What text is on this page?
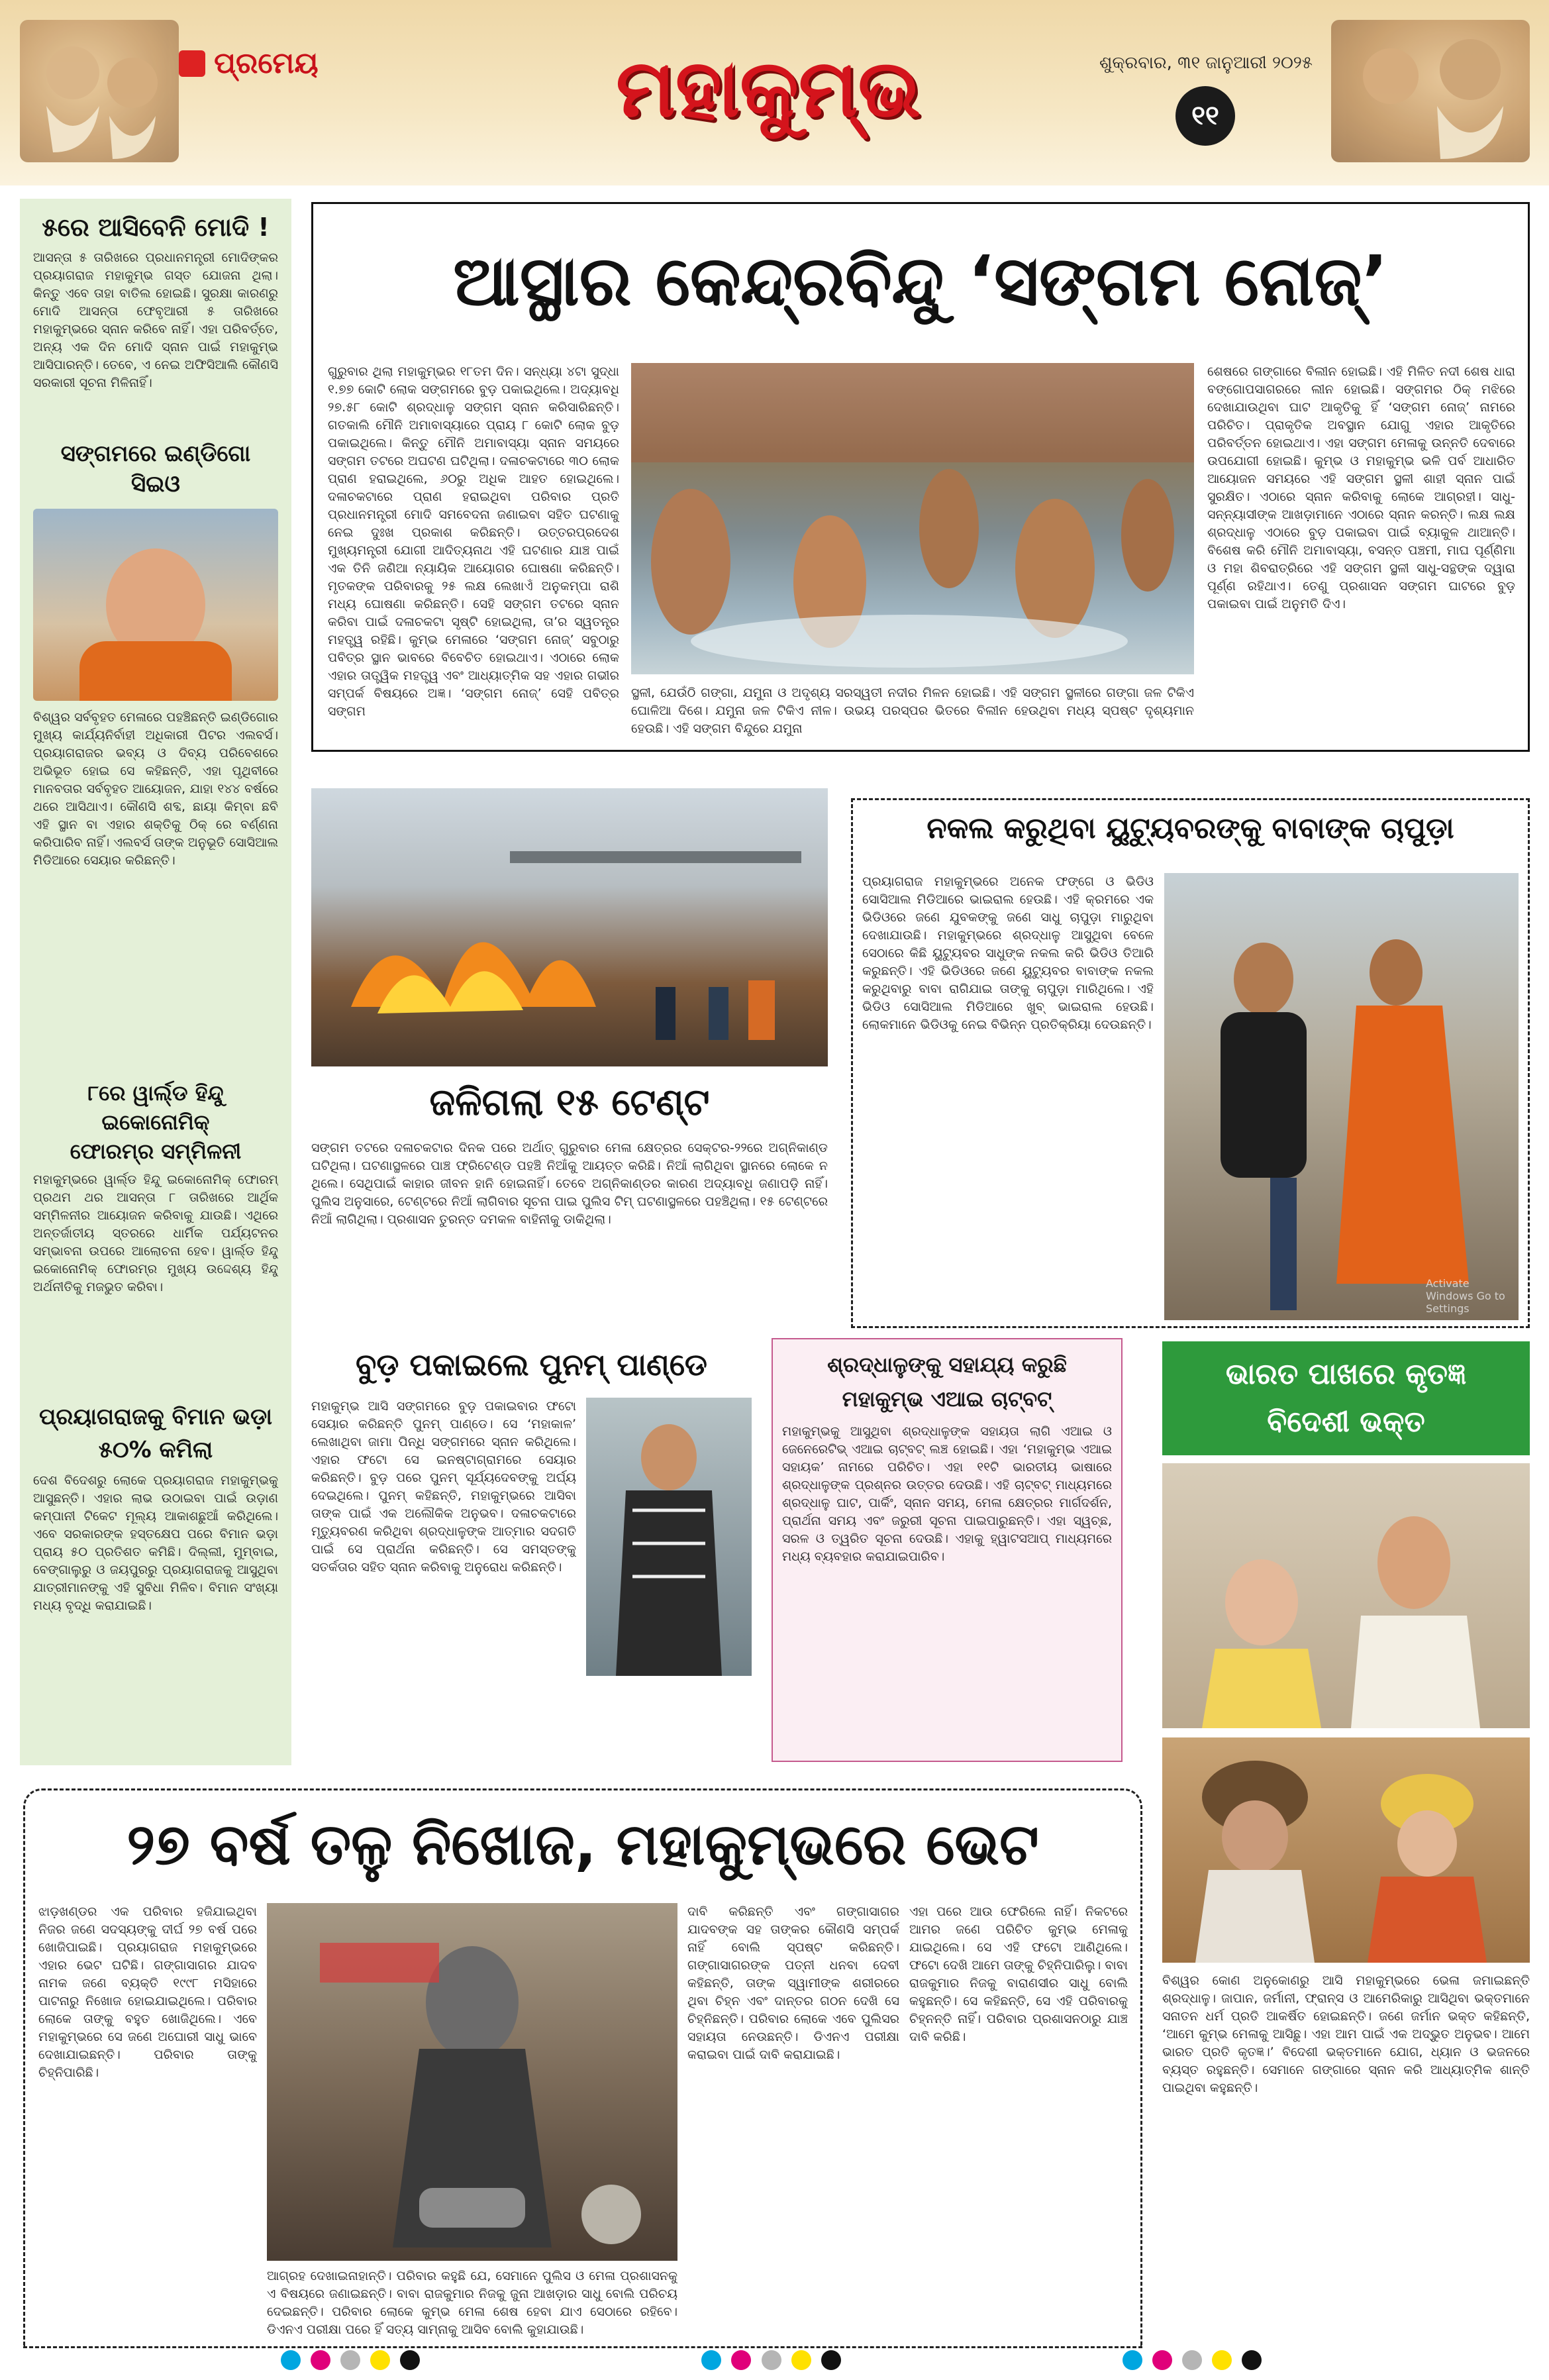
ପ୍ରମେୟ	ମହାକୁମ୍ଭ	ଶୁକ୍ରବାର, ୩୧ ଜାନୁଆରୀ ୨୦୨୫
୧୧
୫ରେ ଆସିବେନି ମୋଦି !
ଆସନ୍ତା ୫ ତାରିଖରେ ପ୍ରଧାନମନ୍ତ୍ରୀ ମୋଦିଙ୍କର ପ୍ରୟାଗରାଜ ମହାକୁମ୍ଭ ଗସ୍ତ ଯୋଜନା ଥିଲା। କିନ୍ତୁ ଏବେ ତାହା ବାତିଲ ହୋଇଛି। ସୁରକ୍ଷା କାରଣରୁ ମୋଦି ଆସନ୍ତା ଫେବୃଆରୀ ୫ ତାରିଖରେ ମହାକୁମ୍ଭରେ ସ୍ନାନ କରିବେ ନାହିଁ। ଏହା ପରିବର୍ତ୍ତେ, ଅନ୍ୟ ଏକ ଦିନ ମୋଦି ସ୍ନାନ ପାଇଁ ମହାକୁମ୍ଭ ଆସିପାରନ୍ତି। ତେବେ, ଏ ନେଇ ଅଫିସିଆଲି କୌଣସି ସରକାରୀ ସୂଚନା ମିଳିନାହିଁ।
ସଙ୍ଗମରେ ଇଣ୍ଡିଗୋ ସିଇଓ
ବିଶ୍ୱର ସର୍ବବୃହତ ମେଳାରେ ପହଞ୍ଚିଛନ୍ତି ଇଣ୍ଡିଗୋର ମୁଖ୍ୟ କାର୍ଯ୍ୟନିର୍ବାହୀ ଅଧିକାରୀ ପିଟର ଏଲବର୍ସ। ପ୍ରୟାଗରାଜର ଭବ୍ୟ ଓ ଦିବ୍ୟ ପରିବେଶରେ ଅଭିଭୂତ ହୋଇ ସେ କହିଛନ୍ତି, ଏହା ପୃଥିବୀରେ ମାନବତାର ସର୍ବବୃହତ ଆୟୋଜନ, ଯାହା ୧୪୪ ବର୍ଷରେ ଥରେ ଆସିଥାଏ। କୌଣସି ଶବ୍ଦ, ଛାୟା କିମ୍ବା ଛବି ଏହି ସ୍ଥାନ ବା ଏହାର ଶକ୍ତିକୁ ଠିକ୍ ରେ ବର୍ଣ୍ଣନା କରିପାରିବ ନାହିଁ। ଏଲବର୍ସ ତାଙ୍କ ଅନୁଭୂତି ସୋସିଆଲ ମିଡିଆରେ ସେୟାର କରିଛନ୍ତି।
୮ରେ ୱାର୍ଲ୍ଡ ହିନ୍ଦୁ ଇକୋନୋମିକ୍
ଫୋରମ୍‌ର ସମ୍ମିଳନୀ
ମହାକୁମ୍ଭରେ ୱାର୍ଲ୍ଡ ହିନ୍ଦୁ ଇକୋନୋମିକ୍ ଫୋରମ୍ ପ୍ରଥମ ଥର ଆସନ୍ତା ୮ ତାରିଖରେ ଆର୍ଥିକ ସମ୍ମିଳନୀର ଆୟୋଜନ କରିବାକୁ ଯାଉଛି। ଏଥିରେ ଅନ୍ତର୍ଜାତୀୟ ସ୍ତରରେ ଧାର୍ମିକ ପର୍ଯ୍ୟଟନର ସମ୍ଭାବନା ଉପରେ ଆଲୋଚନା ହେବ। ୱାର୍ଲ୍ଡ ହିନ୍ଦୁ ଇକୋନୋମିକ୍ ଫୋରମ୍‌ର ମୁଖ୍ୟ ଉଦ୍ଦେଶ୍ୟ ହିନ୍ଦୁ ଅର୍ଥନୀତିକୁ ମଜଭୁତ କରିବା।
ପ୍ରୟାଗରାଜକୁ ବିମାନ ଭଡ଼ା
୫୦% କମିଲା
ଦେଶ ବିଦେଶରୁ ଲୋକେ ପ୍ରୟାଗରାଜ ମହାକୁମ୍ଭକୁ ଆସୁଛନ୍ତି। ଏହାର ଲାଭ ଉଠାଇବା ପାଇଁ ଉଡ଼ାଣ କମ୍ପାନୀ ଟିକେଟ ମୂଲ୍ୟ ଆକାଶଛୁଆଁ କରିଥିଲେ। ଏବେ ସରକାରଙ୍କ ହସ୍ତକ୍ଷେପ ପରେ ବିମାନ ଭଡ଼ା ପ୍ରାୟ ୫୦ ପ୍ରତିଶତ କମିଛି। ଦିଲ୍ଲୀ, ମୁମ୍ବାଇ, ବେଙ୍ଗାଲୁରୁ ଓ ଜୟପୁରରୁ ପ୍ରୟାଗରାଜକୁ ଆସୁଥିବା ଯାତ୍ରୀମାନଙ୍କୁ ଏହି ସୁବିଧା ମିଳିବ। ବିମାନ ସଂଖ୍ୟା ମଧ୍ୟ ବୃଦ୍ଧି କରାଯାଇଛି।
ଆସ୍ଥାର କେନ୍ଦ୍ରବିନ୍ଦୁ ‘ସଙ୍ଗମ ନୋଜ୍’
ଗୁରୁବାର ଥିଲା ମହାକୁମ୍ଭର ୧୮ତମ ଦିନ। ସନ୍ଧ୍ୟା ୪ଟା ସୁଦ୍ଧା ୧.୭୭ କୋଟି ଲୋକ ସଙ୍ଗମରେ ବୁଡ଼ ପକାଇଥିଲେ। ଅଦ୍ୟାବଧି ୨୭.୫୮ କୋଟି ଶ୍ରଦ୍ଧାଳୁ ସଙ୍ଗମ ସ୍ନାନ କରିସାରିଛନ୍ତି। ଗତକାଲି ମୌନି ଅମାବାସ୍ୟାରେ ପ୍ରାୟ ୮ କୋଟି ଲୋକ ବୁଡ଼ ପକାଇଥିଲେ। କିନ୍ତୁ ମୌନି ଅମାବାସ୍ୟା ସ୍ନାନ ସମୟରେ ସଙ୍ଗମ ତଟରେ ଅଘଟଣ ଘଟିଥିଲା। ଦଳାଚକଟାରେ ୩୦ ଲୋକ ପ୍ରାଣ ହରାଇଥିଲେ, ୬୦ରୁ ଅଧିକ ଆହତ ହୋଇଥିଲେ। ଦଳାଚକଟାରେ ପ୍ରାଣ ହରାଇଥିବା ପରିବାର ପ୍ରତି ପ୍ରଧାନମନ୍ତ୍ରୀ ମୋଦି ସମବେଦନା ଜଣାଇବା ସହିତ ଘଟଣାକୁ ନେଇ ଦୁଃଖ ପ୍ରକାଶ କରିଛନ୍ତି। ଉତ୍ତରପ୍ରଦେଶ ମୁଖ୍ୟମନ୍ତ୍ରୀ ଯୋଗୀ ଆଦିତ୍ୟନାଥ ଏହି ଘଟଣାର ଯାଞ୍ଚ ପାଇଁ ଏକ ତିନି ଜଣିଆ ନ୍ୟାୟିକ ଆୟୋଗର ଘୋଷଣା କରିଛନ୍ତି। ମୃତକଙ୍କ ପରିବାରକୁ ୨୫ ଲକ୍ଷ ଲେଖାଏଁ ଅନୁକମ୍ପା ରାଶି ମଧ୍ୟ ଘୋଷଣା କରିଛନ୍ତି। ସେହି ସଙ୍ଗମ ତଟରେ ସ୍ନାନ କରିବା ପାଇଁ ଦଳାଚକଟା ସୃଷ୍ଟି ହୋଇଥିଲା, ତା’ର ସ୍ୱତନ୍ତ୍ର ମହତ୍ତ୍ୱ ରହିଛି। କୁମ୍ଭ ମେଳାରେ ‘ସଙ୍ଗମ ନୋଜ୍’ ସବୁଠାରୁ ପବିତ୍ର ସ୍ଥାନ ଭାବରେ ବିବେଚିତ ହୋଇଥାଏ। ଏଠାରେ ଲୋକ ଏହାର ତାତ୍ତ୍ୱିକ ମହତ୍ତ୍ୱ ଏବଂ ଆଧ୍ୟାତ୍ମିକ ସହ ଏହାର ଗଭୀର ସମ୍ପର୍କ ବିଷୟରେ ଅଜ୍ଞ। ‘ସଙ୍ଗମ ନୋଜ୍’ ସେହି ପବିତ୍ର ସଙ୍ଗମ
ସ୍ଥଳୀ, ଯେଉଁଠି ଗଙ୍ଗା, ଯମୁନା ଓ ଅଦୃଶ୍ୟ ସରସ୍ୱତୀ ନଦୀର ମିଳନ ହୋଇଛି। ଏହି ସଙ୍ଗମ ସ୍ଥଳୀରେ ଗଙ୍ଗା ଜଳ ଟିକିଏ ଘୋଳିଆ ଦିଶେ। ଯମୁନା ଜଳ ଟିକିଏ ନୀଳ। ଉଭୟ ପରସ୍ପର ଭିତରେ ବିଲୀନ ହେଉଥିବା ମଧ୍ୟ ସ୍ପଷ୍ଟ ଦୃଶ୍ୟମାନ ହେଉଛି। ଏହି ସଙ୍ଗମ ବିନ୍ଦୁରେ ଯମୁନା
ଶେଷରେ ଗଙ୍ଗାରେ ବିଲୀନ ହୋଇଛି। ଏହି ମିଳିତ ନଦୀ ଶେଷ ଧାରା ବଙ୍ଗୋପସାଗରରେ ଲୀନ ହୋଇଛି। ସଙ୍ଗମର ଠିକ୍ ମଝିରେ ଦେଖାଯାଉଥିବା ଘାଟ ଆକୃତିକୁ ହିଁ ‘ସଙ୍ଗମ ନୋଜ୍’ ନାମରେ ପରିଚିତ। ପ୍ରାକୃତିକ ଅବସ୍ଥାନ ଯୋଗୁ ଏହାର ଆକୃତିରେ ପରିବର୍ତ୍ତନ ହୋଇଥାଏ। ଏହା ସଙ୍ଗମ ମେଳାକୁ ଉନ୍ନତି ଦେବାରେ ଉପଯୋଗୀ ହୋଇଛି। କୁମ୍ଭ ଓ ମହାକୁମ୍ଭ ଭଳି ପର୍ବ ଆଧାରିତ ଆୟୋଜନ ସମୟରେ ଏହି ସଙ୍ଗମ ସ୍ଥଳୀ ଶାହୀ ସ୍ନାନ ପାଇଁ ସୁରକ୍ଷିତ। ଏଠାରେ ସ୍ନାନ କରିବାକୁ ଲୋକେ ଆଗ୍ରହୀ। ସାଧୁ-ସନ୍ନ୍ୟାସୀଙ୍କ ଆଖଡ଼ାମାନେ ଏଠାରେ ସ୍ନାନ କରନ୍ତି। ଲକ୍ଷ ଲକ୍ଷ ଶ୍ରଦ୍ଧାଳୁ ଏଠାରେ ବୁଡ଼ ପକାଇବା ପାଇଁ ବ୍ୟାକୁଳ ଥାଆନ୍ତି। ବିଶେଷ କରି ମୌନି ଅମାବାସ୍ୟା, ବସନ୍ତ ପଞ୍ଚମୀ, ମାଘ ପୂର୍ଣ୍ଣିମା ଓ ମହା ଶିବରାତ୍ରିରେ ଏହି ସଙ୍ଗମ ସ୍ଥଳୀ ସାଧୁ-ସନ୍ଥଙ୍କ ଦ୍ୱାରା ପୂର୍ଣ୍ଣ ରହିଥାଏ। ତେଣୁ ପ୍ରଶାସନ ସଙ୍ଗମ ଘାଟରେ ବୁଡ଼ ପକାଇବା ପାଇଁ ଅନୁମତି ଦିଏ।
ଜଳିଗଲା ୧୫ ଟେଣ୍ଟ
ସଙ୍ଗମ ତଟରେ ଦଳାଚକଟାର ଦିନକ ପରେ ଅର୍ଥାତ୍ ଗୁରୁବାର ମେଳା କ୍ଷେତ୍ରର ସେକ୍ଟର-୨୨ରେ ଅଗ୍ନିକାଣ୍ଡ ଘଟିଥିଲା। ଘଟଣାସ୍ଥଳରେ ପାଞ୍ଚ ଫ୍ରିଟେଣ୍ଡ ପହଞ୍ଚି ନିଆଁକୁ ଆୟତ୍ତ କରିଛି। ନିଆଁ ଲାଗିଥିବା ସ୍ଥାନରେ ଲୋକେ ନ ଥିଲେ। ସେଥିପାଇଁ କାହାର ଜୀବନ ହାନି ହୋଇନାହିଁ। ତେବେ ଅଗ୍ନିକାଣ୍ଡର କାରଣ ଅଦ୍ୟାବଧି ଜଣାପଡ଼ି ନାହିଁ। ପୁଲିସ ଅନୁସାରେ, ଟେଣ୍ଟରେ ନିଆଁ ଲାଗିବାର ସୂଚନା ପାଇ ପୁଲିସ ଟିମ୍ ଘଟଣାସ୍ଥଳରେ ପହଞ୍ଚିଥିଲା। ୧୫ ଟେଣ୍ଟରେ ନିଆଁ ଲାଗିଥିଲା। ପ୍ରଶାସନ ତୁରନ୍ତ ଦମକଳ ବାହିନୀକୁ ଡାକିଥିଲା।
ନକଲ କରୁଥିବା ୟୁଟ୍ୟୁବରଙ୍କୁ ବାବାଙ୍କ ଚାପୁଡ଼ା
ପ୍ରୟାଗରାଜ ମହାକୁମ୍ଭରେ ଅନେକ ଫଙ୍ଗେ ଓ ଭିଡିଓ ସୋସିଆଲ ମିଡିଆରେ ଭାଇରାଲ ହେଉଛି। ଏହି କ୍ରମରେ ଏକ ଭିଡିଓରେ ଜଣେ ଯୁବକଙ୍କୁ ଜଣେ ସାଧୁ ଚାପୁଡ଼ା ମାରୁଥିବା ଦେଖାଯାଉଛି। ମହାକୁମ୍ଭରେ ଶ୍ରଦ୍ଧାଳୁ ଆସୁଥିବା ବେଳେ ସେଠାରେ କିଛି ୟୁଟ୍ୟୁବର ସାଧୁଙ୍କ ନକଲ କରି ଭିଡିଓ ତିଆରି କରୁଛନ୍ତି। ଏହି ଭିଡିଓରେ ଜଣେ ୟୁଟ୍ୟୁବର ବାବାଙ୍କ ନକଲ କରୁଥିବାରୁ ବାବା ରାଗିଯାଇ ତାଙ୍କୁ ଚାପୁଡ଼ା ମାରିଥିଲେ। ଏହି ଭିଡିଓ ସୋସିଆଲ ମିଡିଆରେ ଖୁବ୍ ଭାଇରାଲ ହେଉଛି। ଲୋକମାନେ ଭିଡିଓକୁ ନେଇ ବିଭିନ୍ନ ପ୍ରତିକ୍ରିୟା ଦେଉଛନ୍ତି।
Activate Windows Go to Settings
ବୁଡ଼ ପକାଇଲେ ପୁନମ୍ ପାଣ୍ଡେ
ମହାକୁମ୍ଭ ଆସି ସଙ୍ଗମରେ ବୁଡ଼ ପକାଇବାର ଫଟୋ ସେୟାର କରିଛନ୍ତି ପୁନମ୍ ପାଣ୍ଡେ। ସେ ‘ମହାକାଳ’ ଲେଖାଥିବା ଜାମା ପିନ୍ଧି ସଙ୍ଗମରେ ସ୍ନାନ କରିଥିଲେ। ଏହାର ଫଟୋ ସେ ଇନଷ୍ଟାଗ୍ରାମରେ ସେୟାର କରିଛନ୍ତି। ବୁଡ଼ ପରେ ପୁନମ୍ ସୂର୍ଯ୍ୟଦେବଙ୍କୁ ଅର୍ଘ୍ୟ ଦେଇଥିଲେ। ପୁନମ୍ କହିଛନ୍ତି, ମହାକୁମ୍ଭରେ ଆସିବା ତାଙ୍କ ପାଇଁ ଏକ ଅଲୌକିକ ଅନୁଭବ। ଦଳାଚକଟାରେ ମୃତ୍ୟୁବରଣ କରିଥିବା ଶ୍ରଦ୍ଧାଳୁଙ୍କ ଆତ୍ମାର ସଦଗତି ପାଇଁ ସେ ପ୍ରାର୍ଥନା କରିଛନ୍ତି। ସେ ସମସ୍ତଙ୍କୁ ସତର୍କତାର ସହିତ ସ୍ନାନ କରିବାକୁ ଅନୁରୋଧ କରିଛନ୍ତି।
ଶ୍ରଦ୍ଧାଳୁଙ୍କୁ ସହାଯ୍ୟ କରୁଛି
ମହାକୁମ୍ଭ ଏଆଇ ଚାଟ୍‌ବଟ୍
ମହାକୁମ୍ଭକୁ ଆସୁଥିବା ଶ୍ରଦ୍ଧାଳୁଙ୍କ ସହାୟତା ଲାଗି ଏଆଇ ଓ ଜେନେରେଟିଭ୍ ଏଆଇ ଚାଟ୍‌ବଟ୍ ଲଞ୍ଚ ହୋଇଛି। ଏହା ‘ମହାକୁମ୍ଭ ଏଆଇ ସହାୟକ’ ନାମରେ ପରିଚିତ। ଏହା ୧୧ଟି ଭାରତୀୟ ଭାଷାରେ ଶ୍ରଦ୍ଧାଳୁଙ୍କ ପ୍ରଶ୍ନର ଉତ୍ତର ଦେଉଛି। ଏହି ଚାଟ୍‌ବଟ୍ ମାଧ୍ୟମରେ ଶ୍ରଦ୍ଧାଳୁ ଘାଟ, ପାର୍କିଂ, ସ୍ନାନ ସମୟ, ମେଳା କ୍ଷେତ୍ରର ମାର୍ଗଦର୍ଶନ, ପ୍ରାର୍ଥନା ସମୟ ଏବଂ ଜରୁରୀ ସୂଚନା ପାଇପାରୁଛନ୍ତି। ଏହା ସ୍ୱଚ୍ଛ, ସରଳ ଓ ତ୍ୱରିତ ସୂଚନା ଦେଉଛି। ଏହାକୁ ହ୍ୱାଟସଆପ୍ ମାଧ୍ୟମରେ ମଧ୍ୟ ବ୍ୟବହାର କରାଯାଇପାରିବ।
ଭାରତ ପାଖରେ କୃତଜ୍ଞ
ବିଦେଶୀ ଭକ୍ତ
ବିଶ୍ୱର କୋଣ ଅନୁକୋଣରୁ ଆସି ମହାକୁମ୍ଭରେ ଭେଳା ଜମାଇଛନ୍ତି ଶ୍ରଦ୍ଧାଳୁ। ଜାପାନ, ଜର୍ମାନୀ, ଫ୍ରାନ୍ସ ଓ ଆମେରିକାରୁ ଆସିଥିବା ଭକ୍ତମାନେ ସନାତନ ଧର୍ମ ପ୍ରତି ଆକର୍ଷିତ ହୋଇଛନ୍ତି। ଜଣେ ଜର୍ମାନ ଭକ୍ତ କହିଛନ୍ତି, ‘ଆମେ କୁମ୍ଭ ମେଳାକୁ ଆସିଛୁ। ଏହା ଆମ ପାଇଁ ଏକ ଅଦ୍ଭୁତ ଅନୁଭବ। ଆମେ ଭାରତ ପ୍ରତି କୃତଜ୍ଞ।’ ବିଦେଶୀ ଭକ୍ତମାନେ ଯୋଗ, ଧ୍ୟାନ ଓ ଭଜନରେ ବ୍ୟସ୍ତ ରହୁଛନ୍ତି। ସେମାନେ ଗଙ୍ଗାରେ ସ୍ନାନ କରି ଆଧ୍ୟାତ୍ମିକ ଶାନ୍ତି ପାଇଥିବା କହୁଛନ୍ତି।
୨୭ ବର୍ଷ ତଳୁ ନିଖୋଜ, ମହାକୁମ୍ଭରେ ଭେଟ
ଝାଡ଼ଖଣ୍ଡର ଏକ ପରିବାର ହଜିଯାଇଥିବା ନିଜର ଜଣେ ସଦସ୍ୟଙ୍କୁ ଦୀର୍ଘ ୨୭ ବର୍ଷ ପରେ ଖୋଜିପାଇଛି। ପ୍ରୟାଗରାଜ ମହାକୁମ୍ଭରେ ଏହାର ଭେଟ ଘଟିଛି। ଗଙ୍ଗାସାଗର ଯାଦବ ନାମକ ଜଣେ ବ୍ୟକ୍ତି ୧୯୯୮ ମସିହାରେ ପାଟନାରୁ ନିଖୋଜ ହୋଇଯାଇଥିଲେ। ପରିବାର ଲୋକେ ତାଙ୍କୁ ବହୁତ ଖୋଜିଥିଲେ। ଏବେ ମହାକୁମ୍ଭରେ ସେ ଜଣେ ଅଘୋରୀ ସାଧୁ ଭାବେ ଦେଖାଯାଇଛନ୍ତି। ପରିବାର ତାଙ୍କୁ ଚିହ୍ନିପାରିଛି।
ଆଗ୍ରହ ଦେଖାଇନାହାନ୍ତି। ପରିବାର କହୁଛି ଯେ, ସେମାନେ ପୁଲିସ ଓ ମେଳା ପ୍ରଶାସନକୁ ଏ ବିଷୟରେ ଜଣାଇଛନ୍ତି। ବାବା ରାଜକୁମାର ନିଜକୁ ଜୁନା ଆଖଡ଼ାର ସାଧୁ ବୋଲି ପରିଚୟ ଦେଇଛନ୍ତି। ପରିବାର ଲୋକେ କୁମ୍ଭ ମେଳା ଶେଷ ହେବା ଯାଏ ସେଠାରେ ରହିବେ। ଡିଏନଏ ପରୀକ୍ଷା ପରେ ହିଁ ସତ୍ୟ ସାମ୍ନାକୁ ଆସିବ ବୋଲି କୁହାଯାଉଛି।
ଦାବି କରିଛନ୍ତି ଏବଂ ଗଙ୍ଗାସାଗର ଯାଦବଙ୍କ ସହ ତାଙ୍କର କୌଣସି ସମ୍ପର୍କ ନାହିଁ ବୋଲି ସ୍ପଷ୍ଟ କରିଛନ୍ତି। ଗଙ୍ଗାସାଗରଙ୍କ ପତ୍ନୀ ଧନବା ଦେବୀ କହିଛନ୍ତି, ତାଙ୍କ ସ୍ୱାମୀଙ୍କ ଶରୀରରେ ଥିବା ଚିହ୍ନ ଏବଂ ଦାନ୍ତର ଗଠନ ଦେଖି ସେ ଚିହ୍ନିଛନ୍ତି। ପରିବାର ଲୋକେ ଏବେ ପୁଲିସର ସହାୟତା ନେଉଛନ୍ତି। ଡିଏନଏ ପରୀକ୍ଷା କରାଇବା ପାଇଁ ଦାବି କରାଯାଇଛି।
ଏହା ପରେ ଆଉ ଫେରିଲେ ନାହିଁ। ନିକଟରେ ଆମର ଜଣେ ପରିଚିତ କୁମ୍ଭ ମେଳାକୁ ଯାଇଥିଲେ। ସେ ଏହି ଫଟୋ ଆଣିଥିଲେ। ଫଟୋ ଦେଖି ଆମେ ତାଙ୍କୁ ଚିହ୍ନିପାରିଲୁ। ବାବା ରାଜକୁମାର ନିଜକୁ ବାରାଣସୀର ସାଧୁ ବୋଲି କହୁଛନ୍ତି। ସେ କହିଛନ୍ତି, ସେ ଏହି ପରିବାରକୁ ଚିହ୍ନନ୍ତି ନାହିଁ। ପରିବାର ପ୍ରଶାସନଠାରୁ ଯାଞ୍ଚ ଦାବି କରିଛି।
